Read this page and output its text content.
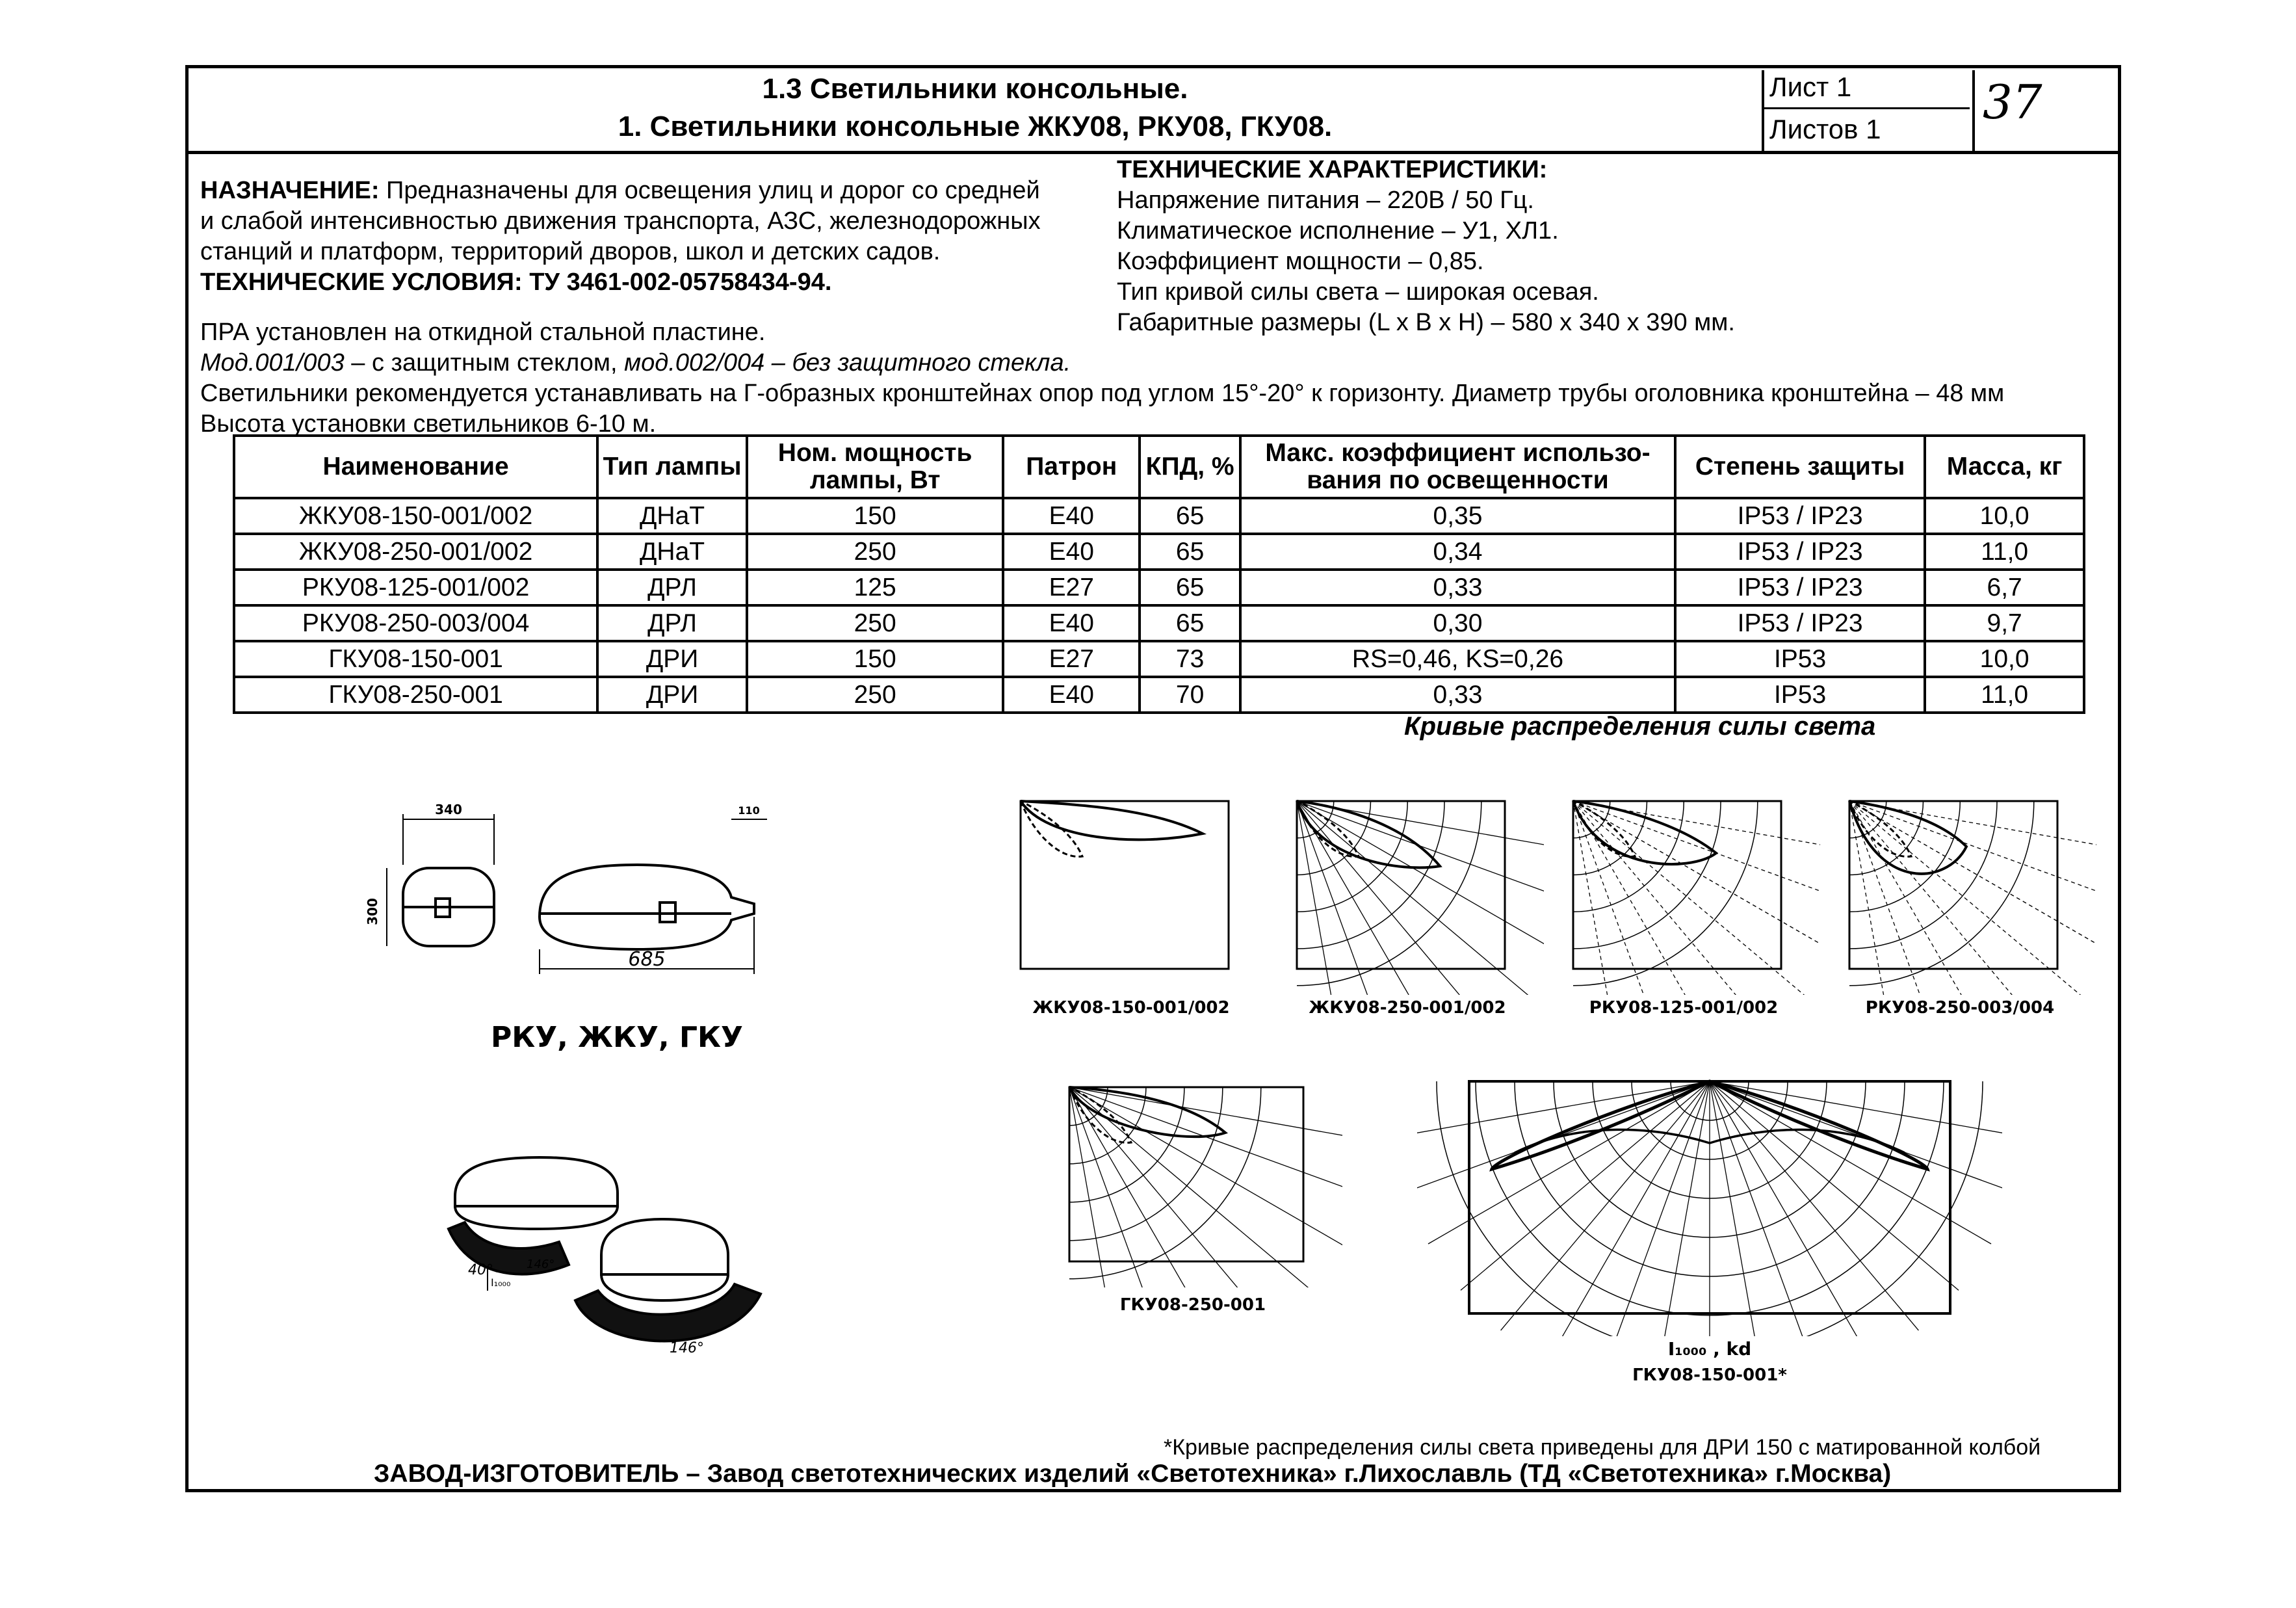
1.3 Светильники консольные.
1. Светильники консольные ЖКУ08, РКУ08, ГКУ08.
Лист 1
Листов 1 37
НАЗНАЧЕНИЕ: Предназначены для освещения улиц и дорог со средней
и слабой интенсивностью движения транспорта, АЗС, железнодорожных
станций и платформ, территорий дворов, школ и детских садов.
ТЕХНИЧЕСКИЕ УСЛОВИЯ: ТУ 3461-002-05758434-94.
ТЕХНИЧЕСКИЕ ХАРАКТЕРИСТИКИ:
Напряжение питания – 220В / 50 Гц.
Климатическое исполнение – У1, ХЛ1.
Коэффициент мощности – 0,85.
Тип кривой силы света – широкая осевая.
Габаритные размеры (L x B x H) – 580 x 340 x 390 мм.
ПРА установлен на откидной стальной пластине.
Мод.001/003 – с защитным стеклом, мод.002/004 – без защитного стекла.
Светильники рекомендуется устанавливать на Г-образных кронштейнах опор под углом 15°-20° к горизонту. Диаметр трубы оголовника кронштейна – 48 мм
Высота установки светильников 6-10 м.
Наименование	Тип лампы	Ном. мощность лампы, Вт	Патрон	КПД, %	Макс. коэффициент использо-вания по освещенности	Степень защиты	Масса, кг
ЖКУ08-150-001/002	ДНаТ	150	Е40	65	0,35	IP53 / IP23	10,0
ЖКУ08-250-001/002	ДНаТ	250	Е40	65	0,34	IP53 / IP23	11,0
РКУ08-125-001/002	ДРЛ	125	Е27	65	0,33	IP53 / IP23	6,7
РКУ08-250-003/004	ДРЛ	250	Е40	65	0,30	IP53 / IP23	9,7
ГКУ08-150-001	ДРИ	150	Е27	73	RS=0,46, KS=0,26	IP53	10,0
ГКУ08-250-001	ДРИ	250	Е40	70	0,33	IP53	11,0
Кривые распределения силы света
340
300
685
110
РКУ, ЖКУ, ГКУ
40°	146°
I₁₀₀₀
146°
ЖКУ08-150-001/002	ЖКУ08-250-001/002	РКУ08-125-001/002	РКУ08-250-003/004
ГКУ08-250-001
I₁₀₀₀ , kd
ГКУ08-150-001*
*Кривые распределения силы света приведены для ДРИ 150 с матированной колбой
ЗАВОД-ИЗГОТОВИТЕЛЬ – Завод светотехнических изделий «Светотехника» г.Лихославль (ТД «Светотехника» г.Москва)
